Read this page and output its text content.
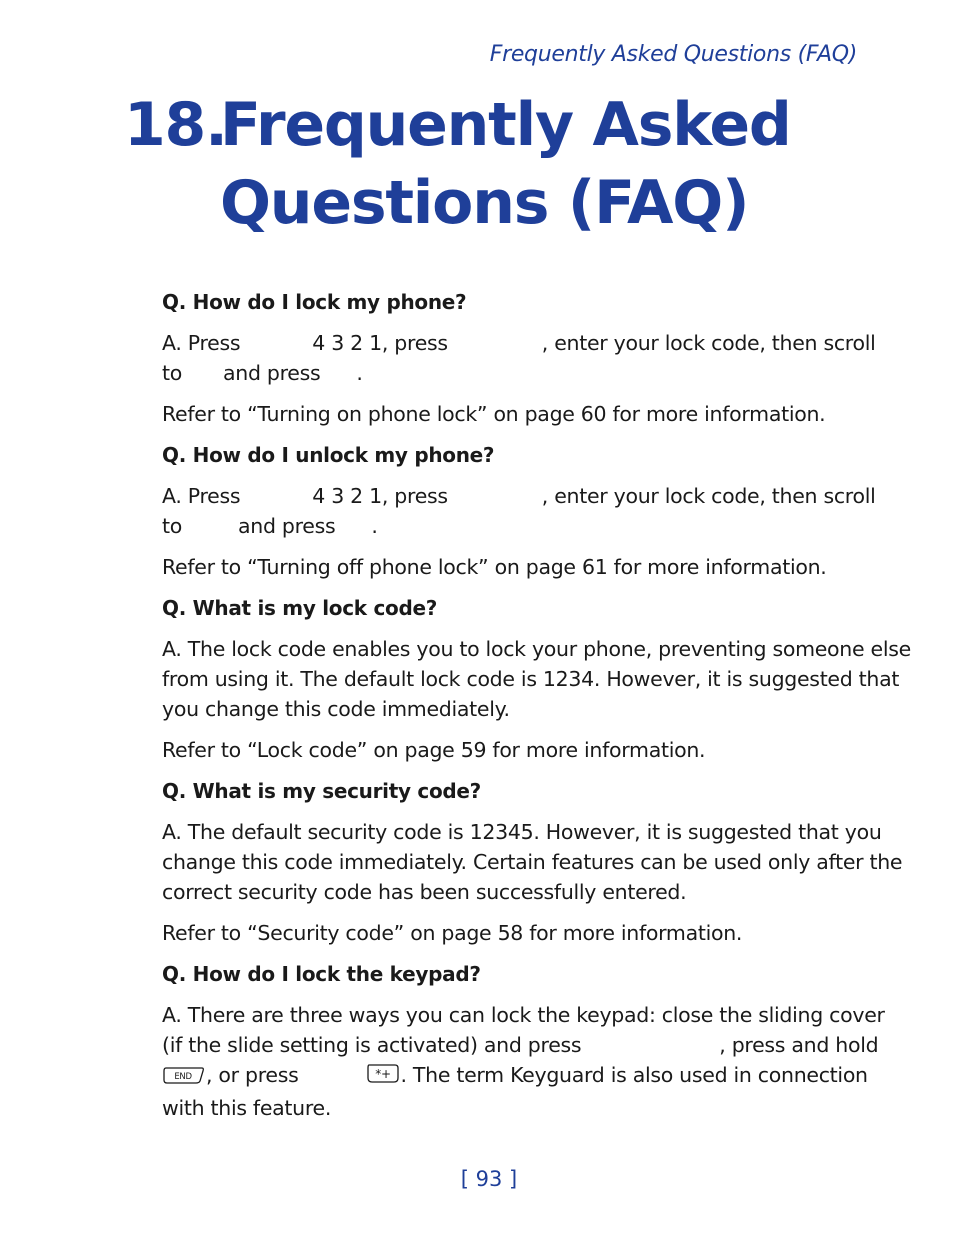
Frequently Asked Questions (FAQ)
18.
Frequently Asked
Questions (FAQ)
Q. How do I lock my phone?
A. Press	4 3 2 1, press	, enter your lock code, then scroll
to and press .
Refer to “Turning on phone lock” on page 60 for more information.
Q. How do I unlock my phone?
A. Press	4 3 2 1, press	, enter your lock code, then scroll
to	and press .
Refer to “Turning off phone lock” on page 61 for more information.
Q. What is my lock code?
A. The lock code enables you to lock your phone, preventing someone else
from using it. The default lock code is 1234. However, it is suggested that
you change this code immediately.
Refer to “Lock code” on page 59 for more information.
Q. What is my security code?
A. The default security code is 12345. However, it is suggested that you
change this code immediately. Certain features can be used only after the
correct security code has been successfully entered.
Refer to “Security code” on page 58 for more information.
Q. How do I lock the keypad?
A. There are three ways you can lock the keypad: close the sliding cover
(if the slide setting is activated) and press	, press and hold
END , or press	*+ . The term Keyguard is also used in connection
with this feature.
[ 93 ]
